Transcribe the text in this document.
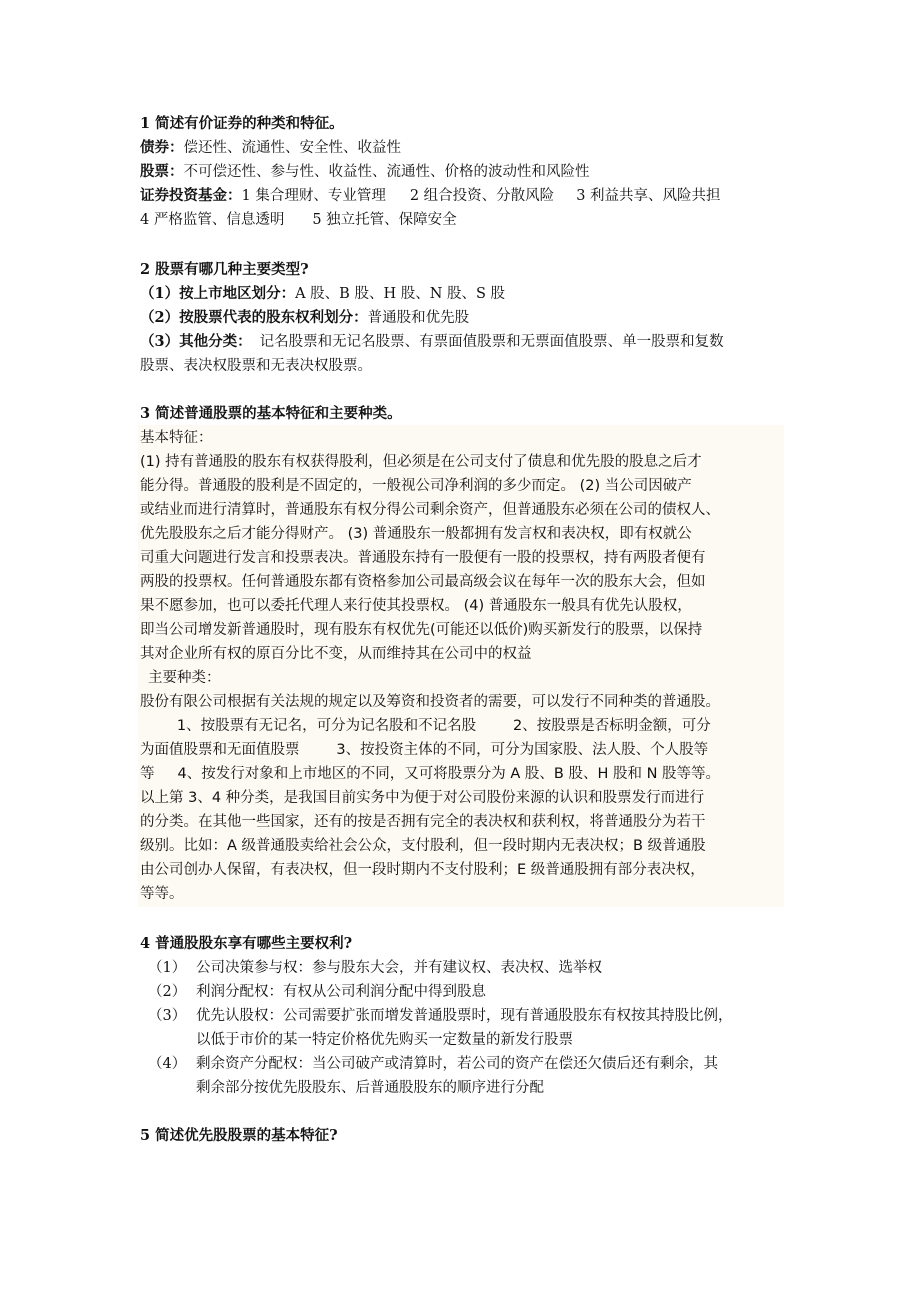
1 简述有价证券的种类和特征。
债券：偿还性、流通性、安全性、收益性
股票：不可偿还性、参与性、收益性、流通性、价格的波动性和风险性
证券投资基金：1 集合理财、专业管理 2 组合投资、分散风险 3 利益共享、风险共担
4 严格监管、信息透明 5 独立托管、保障安全
2 股票有哪几种主要类型?
（1）按上市地区划分：A 股、B 股、H 股、N 股、S 股
（2）按股票代表的股东权利划分：普通股和优先股
（3）其他分类： 记名股票和无记名股票、有票面值股票和无票面值股票、单一股票和复数
股票、表决权股票和无表决权股票。
3 简述普通股票的基本特征和主要种类。
基本特征：
(1) 持有普通股的股东有权获得股利，但必须是在公司支付了债息和优先股的股息之后才
能分得。普通股的股利是不固定的，一般视公司净利润的多少而定。 (2) 当公司因破产
或结业而进行清算时，普通股东有权分得公司剩余资产，但普通股东必须在公司的债权人、
优先股股东之后才能分得财产。 (3) 普通股东一般都拥有发言权和表决权，即有权就公
司重大问题进行发言和投票表决。普通股东持有一股便有一股的投票权，持有两股者便有
两股的投票权。任何普通股东都有资格参加公司最高级会议在每年一次的股东大会，但如
果不愿参加，也可以委托代理人来行使其投票权。 (4) 普通股东一般具有优先认股权，
即当公司增发新普通股时，现有股东有权优先(可能还以低价)购买新发行的股票，以保持
其对企业所有权的原百分比不变，从而维持其在公司中的权益
主要种类：
股份有限公司根据有关法规的规定以及筹资和投资者的需要，可以发行不同种类的普通股。
1、按股票有无记名，可分为记名股和不记名股        2、按股票是否标明金额，可分
为面值股票和无面值股票        3、按投资主体的不同，可分为国家股、法人股、个人股等
等     4、按发行对象和上市地区的不同，又可将股票分为 A 股、B 股、H 股和 N 股等等。
以上第 3、4 种分类，是我国目前实务中为便于对公司股份来源的认识和股票发行而进行
的分类。在其他一些国家，还有的按是否拥有完全的表决权和获利权，将普通股分为若干
级别。比如：A 级普通股卖给社会公众，支付股利，但一段时期内无表决权；B 级普通股
由公司创办人保留，有表决权，但一段时期内不支付股利；E 级普通股拥有部分表决权，
等等。
4 普通股股东享有哪些主要权利?
（1） 公司决策参与权：参与股东大会，并有建议权、表决权、选举权
（2） 利润分配权：有权从公司利润分配中得到股息
（3） 优先认股权：公司需要扩张而增发普通股票时，现有普通股股东有权按其持股比例，
以低于市价的某一特定价格优先购买一定数量的新发行股票
（4） 剩余资产分配权：当公司破产或清算时，若公司的资产在偿还欠债后还有剩余，其
剩余部分按优先股股东、后普通股股东的顺序进行分配
5 简述优先股股票的基本特征?
